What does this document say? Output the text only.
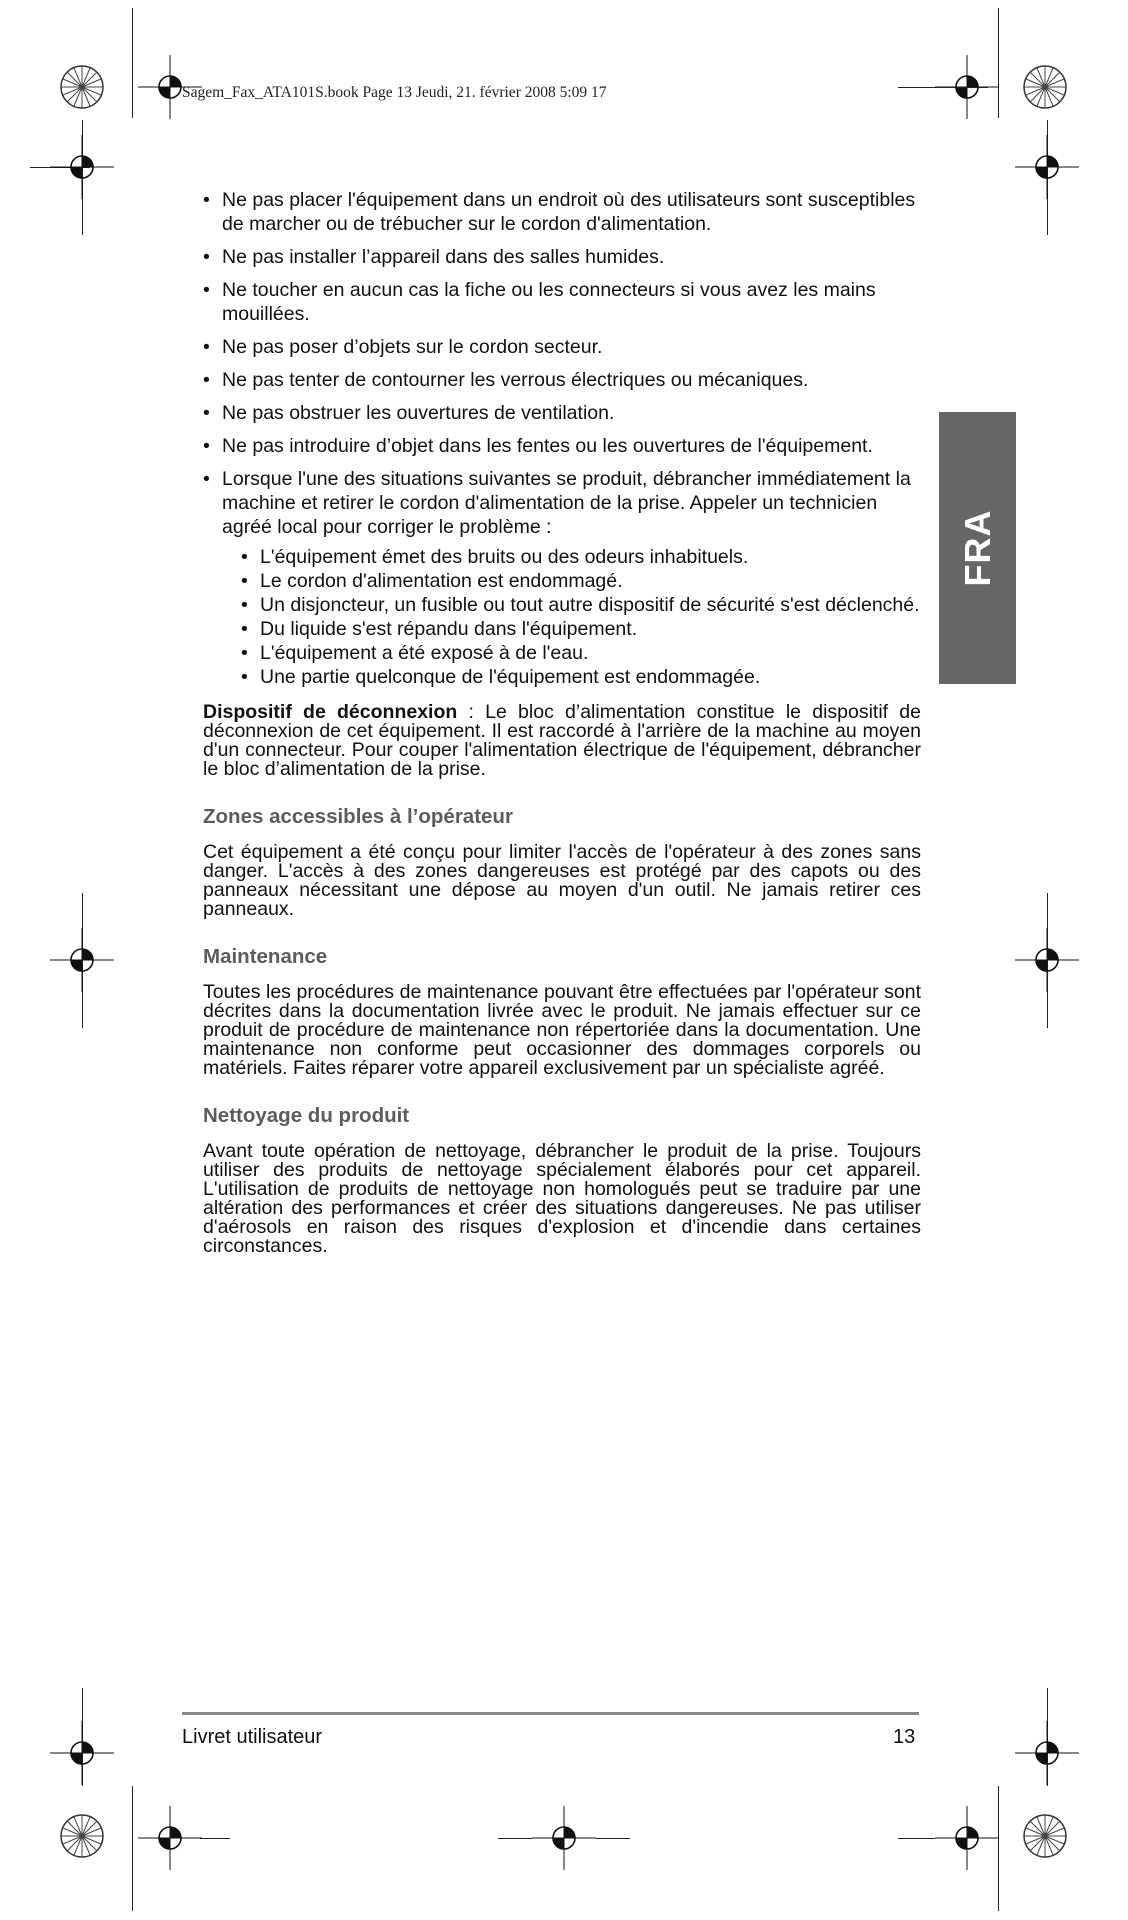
Sagem_Fax_ATA101S.book Page 13 Jeudi, 21. février 2008 5:09 17
FRA
• Ne pas placer l'équipement dans un endroit où des utilisateurs sont susceptibles de marcher ou de trébucher sur le cordon d'alimentation.
• Ne pas installer l’appareil dans des salles humides.
• Ne toucher en aucun cas la fiche ou les connecteurs si vous avez les mains mouillées.
• Ne pas poser d’objets sur le cordon secteur.
• Ne pas tenter de contourner les verrous électriques ou mécaniques.
• Ne pas obstruer les ouvertures de ventilation.
• Ne pas introduire d’objet dans les fentes ou les ouvertures de l'équipement.
• Lorsque l'une des situations suivantes se produit, débrancher immédiatement la machine et retirer le cordon d'alimentation de la prise. Appeler un technicien agréé local pour corriger le problème :
• L'équipement émet des bruits ou des odeurs inhabituels.
• Le cordon d'alimentation est endommagé.
• Un disjoncteur, un fusible ou tout autre dispositif de sécurité s'est déclenché.
• Du liquide s'est répandu dans l'équipement.
• L'équipement a été exposé à de l'eau.
• Une partie quelconque de l'équipement est endommagée.

Dispositif de déconnexion : Le bloc d’alimentation constitue le dispositif de déconnexion de cet équipement. Il est raccordé à l'arrière de la machine au moyen d'un connecteur. Pour couper l'alimentation électrique de l'équipement, débrancher le bloc d’alimentation de la prise.

Zones accessibles à l’opérateur

Cet équipement a été conçu pour limiter l'accès de l'opérateur à des zones sans danger. L'accès à des zones dangereuses est protégé par des capots ou des panneaux nécessitant une dépose au moyen d'un outil. Ne jamais retirer ces panneaux.

Maintenance

Toutes les procédures de maintenance pouvant être effectuées par l'opérateur sont décrites dans la documentation livrée avec le produit. Ne jamais effectuer sur ce produit de procédure de maintenance non répertoriée dans la documentation. Une maintenance non conforme peut occasionner des dommages corporels ou matériels. Faites réparer votre appareil exclusivement par un spécialiste agréé.

Nettoyage du produit

Avant toute opération de nettoyage, débrancher le produit de la prise. Toujours utiliser des produits de nettoyage spécialement élaborés pour cet appareil. L'utilisation de produits de nettoyage non homologués peut se traduire par une altération des performances et créer des situations dangereuses. Ne pas utiliser d'aérosols en raison des risques d'explosion et d'incendie dans certaines circonstances.

Livret utilisateur	13
